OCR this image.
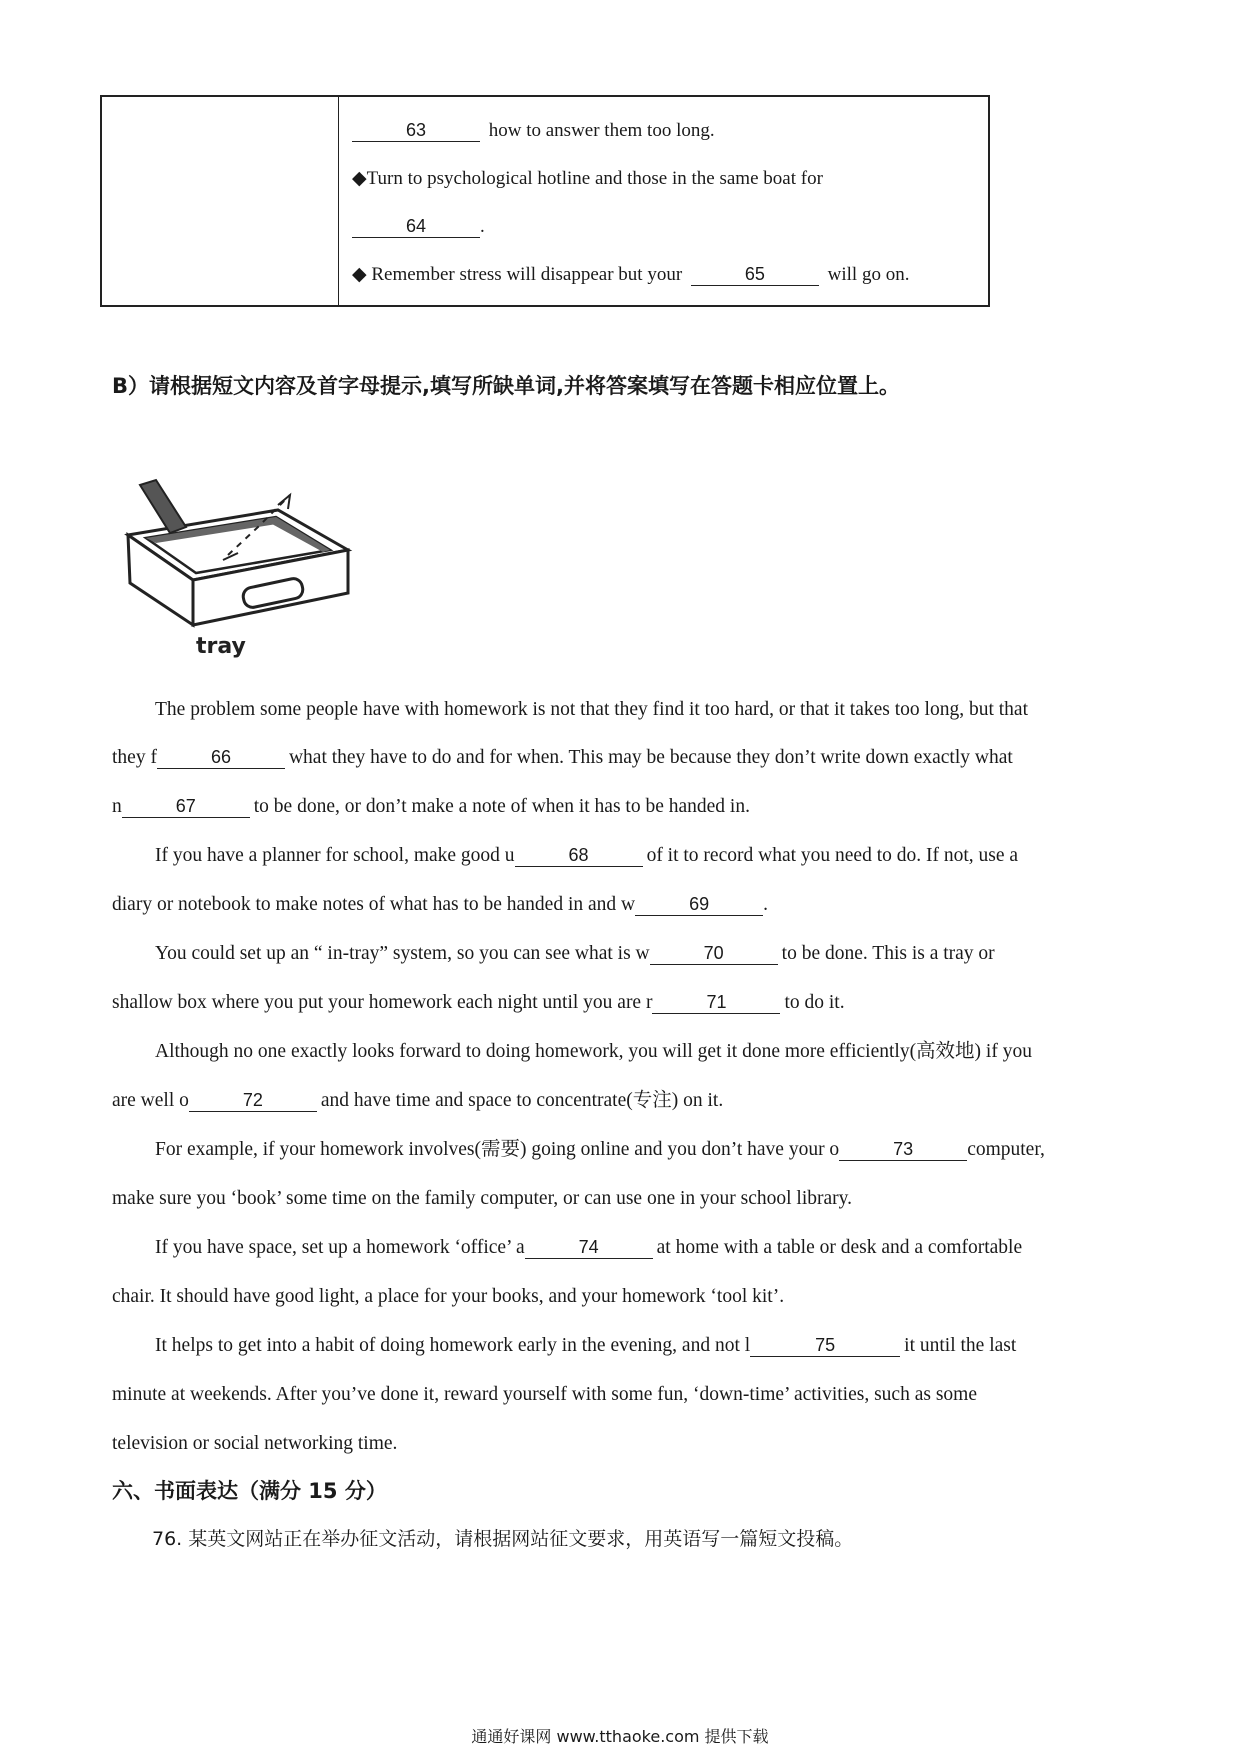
63	how to answer them too long.
◆Turn to psychological hotline and those in the same boat for
64	.
◆ Remember stress will disappear but your	65	will go on.
B）请根据短文内容及首字母提示,填写所缺单词,并将答案填写在答题卡相应位置上。
tray
The problem some people have with homework is not that they find it too hard, or that it takes too long, but that
they f	66	what they have to do and for when. This may be because they don’t write down exactly what
n	67	to be done, or don’t make a note of when it has to be handed in.
If you have a planner for school, make good u	68	of it to record what you need to do. If not, use a
diary or notebook to make notes of what has to be handed in and w	69	.
You could set up an “ in-tray” system, so you can see what is w	70	to be done. This is a tray or
shallow box where you put your homework each night until you are r	71	to do it.
Although no one exactly looks forward to doing homework, you will get it done more efficiently(高效地) if you
are well o	72	and have time and space to concentrate(专注) on it.
For example, if your homework involves(需要) going online and you don’t have your o	73	computer,
make sure you ‘book’ some time on the family computer, or can use one in your school library.
If you have space, set up a homework ‘office’ a	74	at home with a table or desk and a comfortable
chair. It should have good light, a place for your books, and your homework ‘tool kit’.
It helps to get into a habit of doing homework early in the evening, and not l	75	it until the last
minute at weekends. After you’ve done it, reward yourself with some fun, ‘down-time’ activities, such as some
television or social networking time.
六、书面表达（满分 15 分）
76. 某英文网站正在举办征文活动，请根据网站征文要求，用英语写一篇短文投稿。
通通好课网 www.tthaoke.com 提供下载
